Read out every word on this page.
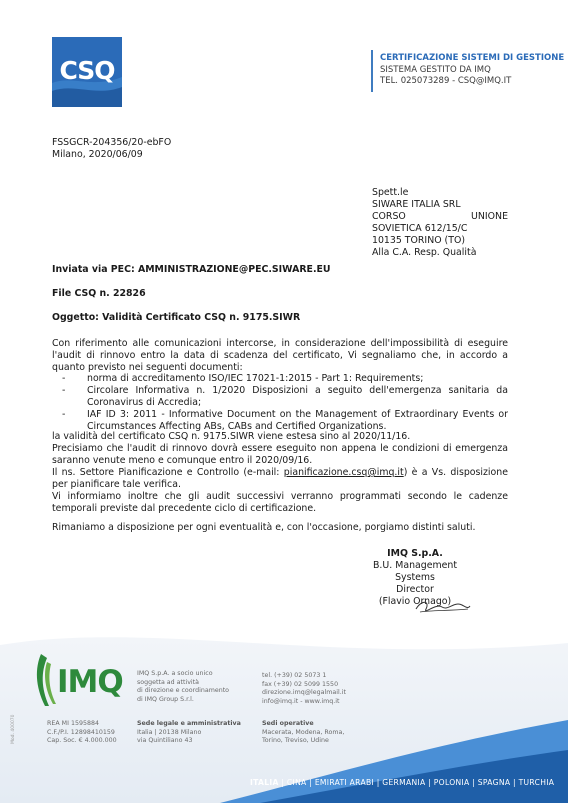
CSQ	CERTIFICAZIONE SISTEMI DI GESTIONE
SISTEMA GESTITO DA IMQ
TEL. 025073289 - CSQ@IMQ.IT
FSSGCR-204356/20-ebFO
Milano, 2020/06/09
Spett.le
SIWARE ITALIA SRL
CORSO	UNIONE
SOVIETICA 612/15/C
10135 TORINO (TO)
Alla C.A. Resp. Qualità
Inviata via PEC: AMMINISTRAZIONE@PEC.SIWARE.EU
File CSQ n. 22826
Oggetto: Validità Certificato CSQ n. 9175.SIWR
Con riferimento alle comunicazioni intercorse, in considerazione dell'impossibilità di eseguire l'audit di rinnovo entro la data di scadenza del certificato, Vi segnaliamo che, in accordo a quanto previsto nei seguenti documenti:
-	norma di accreditamento ISO/IEC 17021-1:2015 - Part 1: Requirements;
-	Circolare Informativa n. 1/2020 Disposizioni a seguito dell'emergenza sanitaria da Coronavirus di Accredia;
-	IAF ID 3: 2011 - Informative Document on the Management of Extraordinary Events or Circumstances Affecting ABs, CABs and Certified Organizations.
la validità del certificato CSQ n. 9175.SIWR viene estesa sino al 2020/11/16.
Precisiamo che l'audit di rinnovo dovrà essere eseguito non appena le condizioni di emergenza saranno venute meno e comunque entro il 2020/09/16.
Il ns. Settore Pianificazione e Controllo (e-mail: pianificazione.csq@imq.it) è a Vs. disposizione per pianificare tale verifica.
Vi informiamo inoltre che gli audit successivi verranno programmati secondo le cadenze temporali previste dal precedente ciclo di certificazione.
Rimaniamo a disposizione per ogni eventualità e, con l'occasione, porgiamo distinti saluti.
IMQ S.p.A.
B.U. Management Systems
Director
(Flavio Ornago)
IMQ IMQ S.p.A. a socio unico
soggetta ad attività
di direzione e coordinamento
di IMQ Group S.r.l.
tel. (+39) 02 5073 1
fax (+39) 02 5099 1550
direzione.imq@legalmail.it
info@imq.it - www.imq.it
REA MI 1595884
C.F./P.I. 12898410159
Cap. Soc. € 4.000.000
Sede legale e amministrativa
Italia | 20138 Milano
via Quintiliano 43
Sedi operative
Macerata, Modena, Roma,
Torino, Treviso, Udine
Mod. 400070
ITALIA | CINA | EMIRATI ARABI | GERMANIA | POLONIA | SPAGNA | TURCHIA
